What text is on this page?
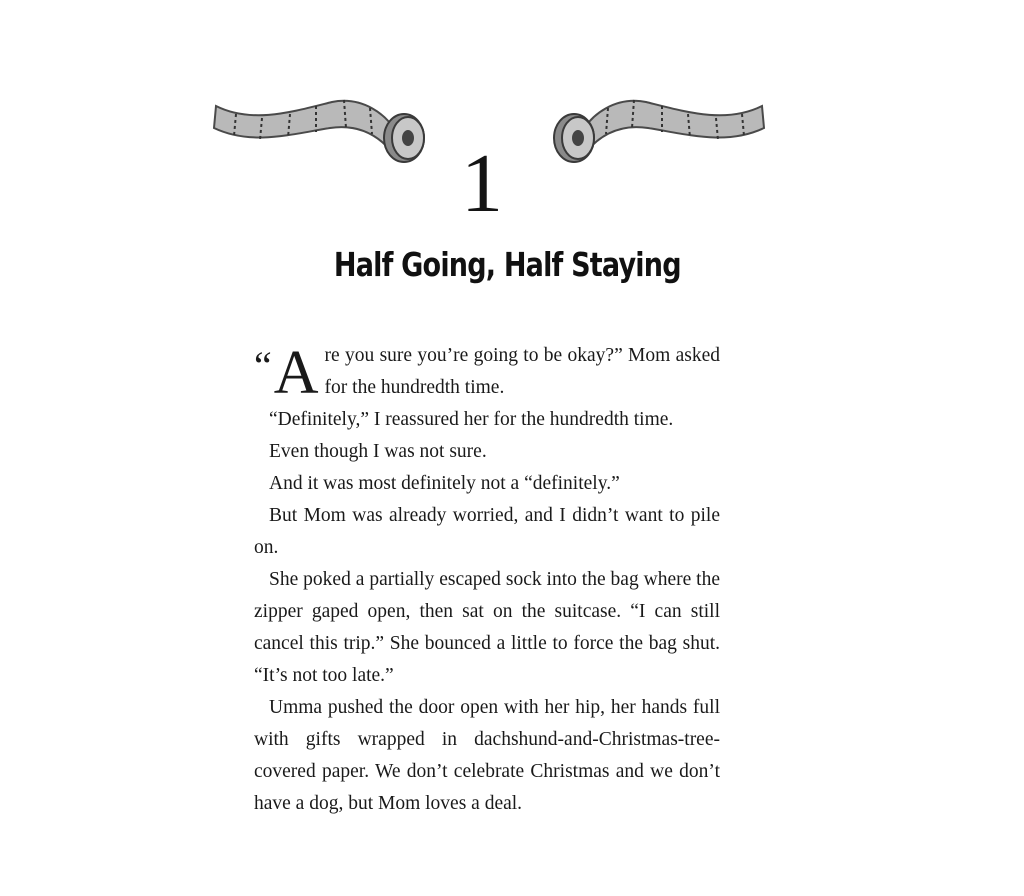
1
Half Going, Half Staying

“A re you sure you’re going to be okay?” Mom asked for the hundredth time.

“Definitely,” I reassured her for the hundredth time.

Even though I was not sure.

And it was most definitely not a “definitely.”

But Mom was already worried, and I didn’t want to pile on.

She poked a partially escaped sock into the bag where the zipper gaped open, then sat on the suitcase. “I can still cancel this trip.” She bounced a little to force the bag shut. “It’s not too late.”

Umma pushed the door open with her hip, her hands full with gifts wrapped in dachshund-and-Christmas-tree-covered paper. We don’t celebrate Christmas and we don’t have a dog, but Mom loves a deal.
